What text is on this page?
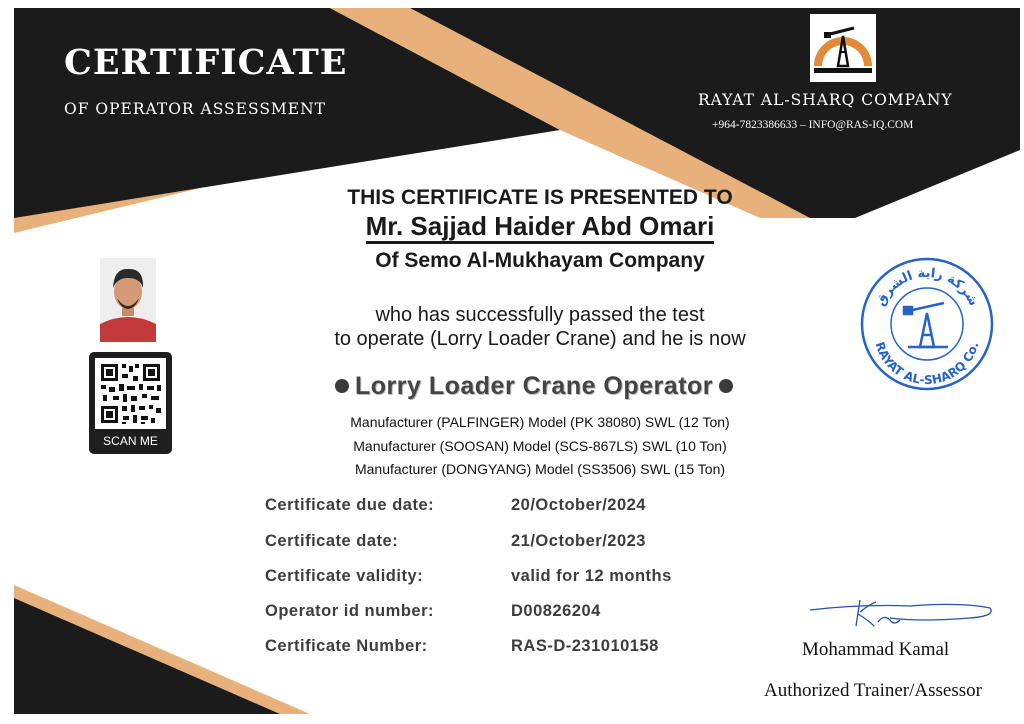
CERTIFICATE
OF OPERATOR ASSESSMENT	RAYAT AL-SHARQ COMPANY
+964-7823386633 – INFO@RAS-IQ.COM
THIS CERTIFICATE IS PRESENTED TO
Mr. Sajjad Haider Abd Omari
Of Semo Al-Mukhayam Company
who has successfully passed the test
to operate (Lorry Loader Crane) and he is now
Lorry Loader Crane Operator
Manufacturer (PALFINGER) Model (PK 38080) SWL (12 Ton)
Manufacturer (SOOSAN) Model (SCS-867LS) SWL (10 Ton)
Manufacturer (DONGYANG) Model (SS3506) SWL (15 Ton)
Certificate due date:	20/October/2024
Certificate date:	21/October/2023
Certificate validity:	valid for 12 months
Operator id number:	D00826204
Certificate Number:	RAS-D-231010158
SCAN ME
شركة راية الشرق
RAYAT AL-SHARQ Co.
Mohammad Kamal
Authorized Trainer/Assessor
